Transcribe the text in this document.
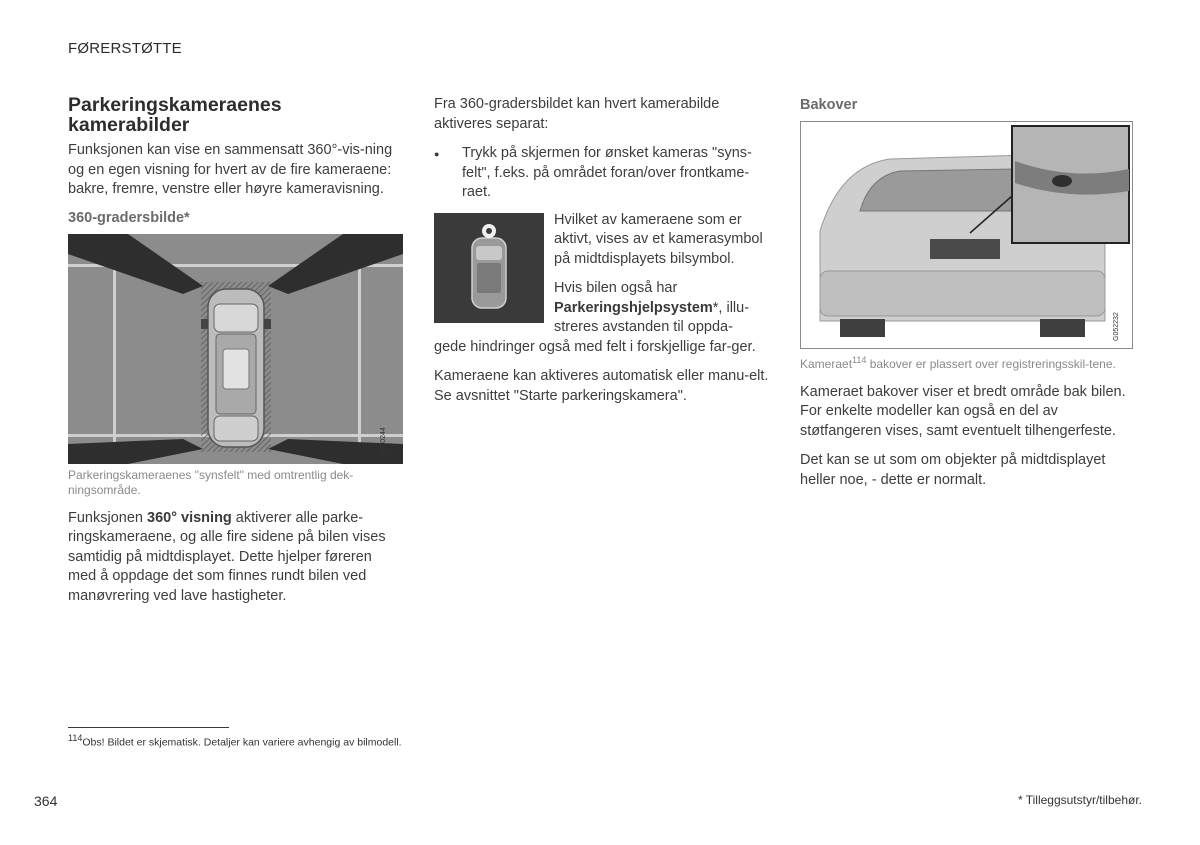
FØRERSTØTTE
Parkeringskameraenes
kamerabilder

Funksjonen kan vise en sammensatt 360°-vis-ning og en egen visning for hvert av de fire kameraene: bakre, fremre, venstre eller høyre kameravisning.

360-gradersbilde*
G060244
Parkeringskameraenes "synsfelt" med omtrentlig dek-ningsområde.

Funksjonen 360° visning aktiverer alle parke-ringskameraene, og alle fire sidene på bilen vises samtidig på midtdisplayet. Dette hjelper føreren med å oppdage det som finnes rundt bilen ved manøvrering ved lave hastigheter.

Fra 360-gradersbildet kan hvert kamerabilde aktiveres separat:

●	Trykk på skjermen for ønsket kameras "syns-felt", f.eks. på området foran/over frontkame-raet.

Hvilket av kameraene som er aktivt, vises av et kamerasymbol på midtdisplayets bilsymbol.

Hvis bilen også har Parkeringshjelpsystem*, illu-streres avstanden til oppda-

gede hindringer også med felt i forskjellige far-ger.

Kameraene kan aktiveres automatisk eller manu-elt. Se avsnittet "Starte parkeringskamera".

Bakover
G052232
Kameraet$^{114}$ bakover er plassert over registreringsskil-tene.

Kameraet bakover viser et bredt område bak bilen. For enkelte modeller kan også en del av støtfangeren vises, samt eventuelt tilhengerfeste.

Det kan se ut som om objekter på midtdisplayet heller noe, - dette er normalt.

$^{114}$Obs! Bildet er skjematisk. Detaljer kan variere avhengig av bilmodell.
364	* Tilleggsutstyr/tilbehør.
